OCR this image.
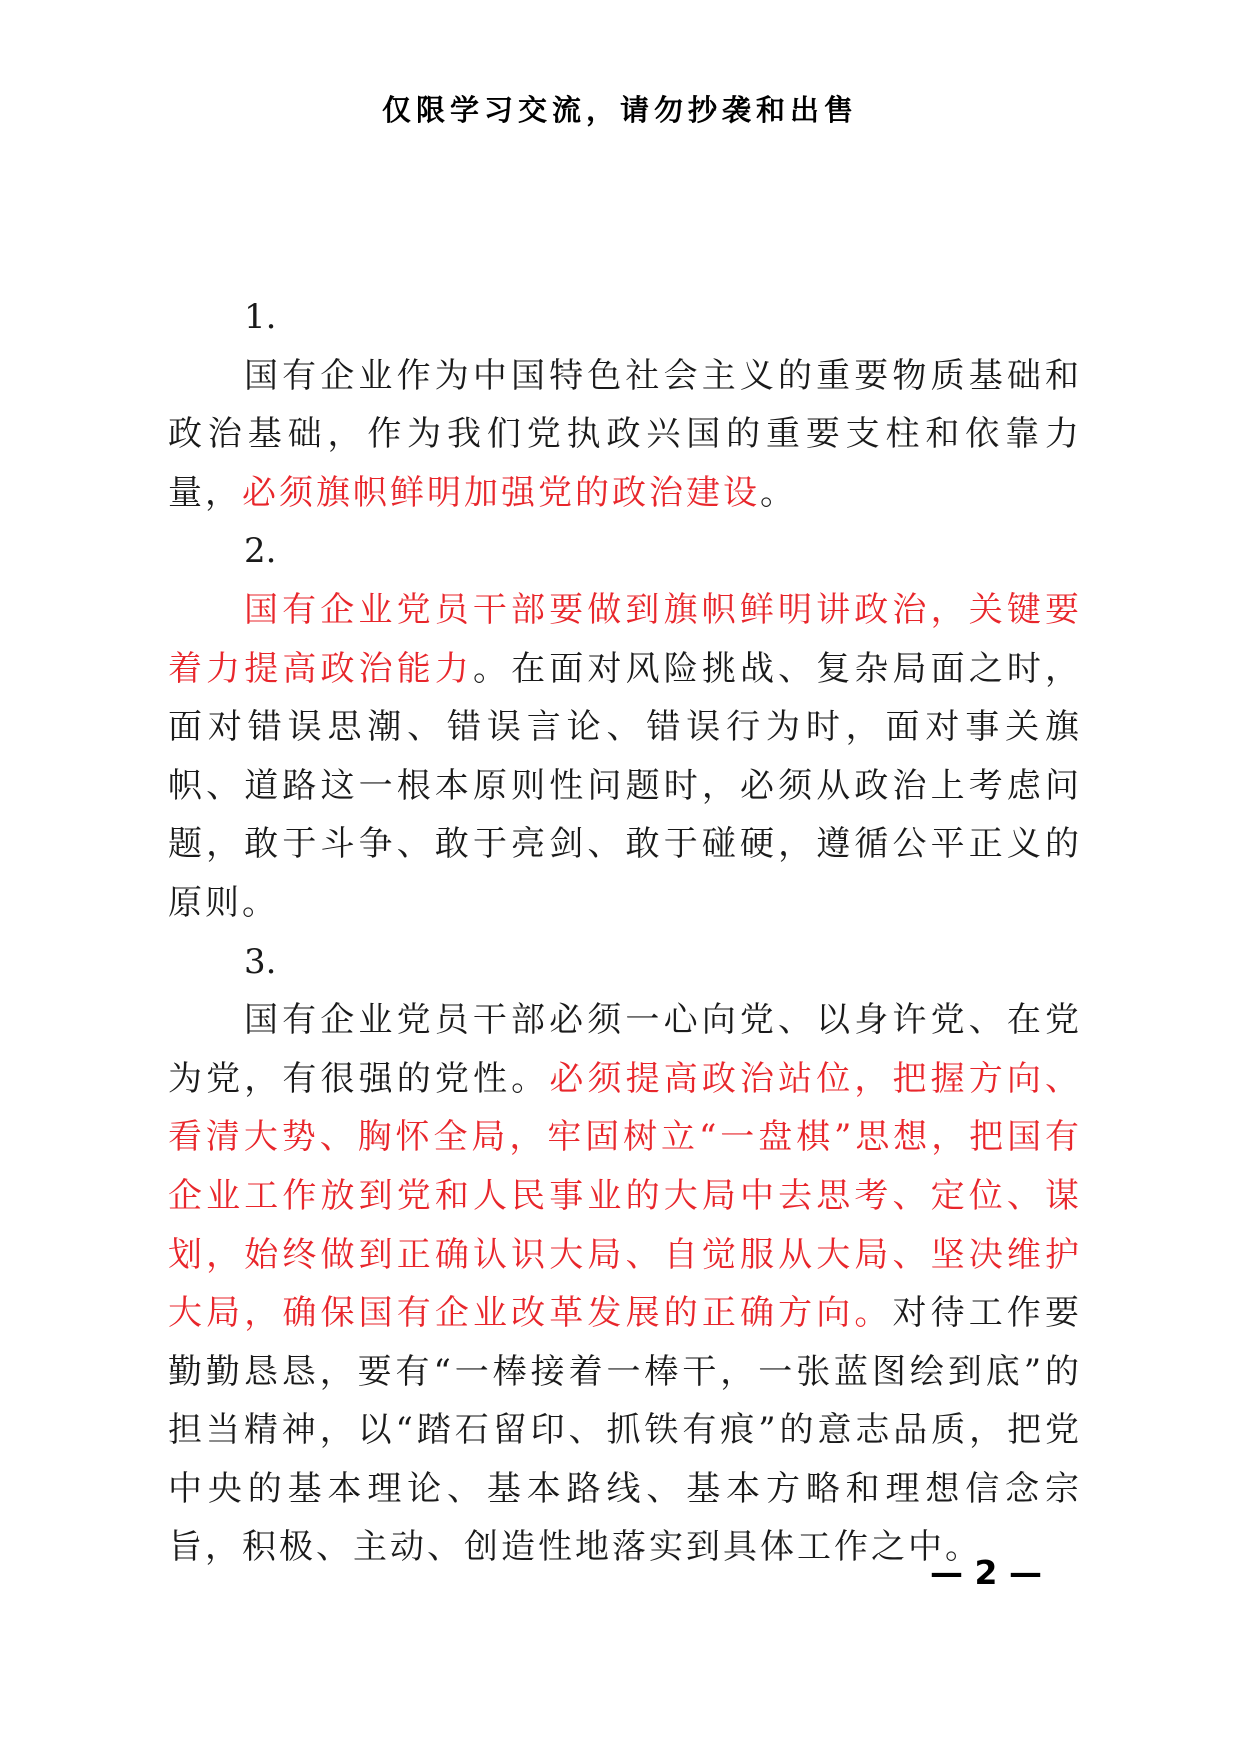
仅限学习交流，请勿抄袭和出售

1.

国有企业作为中国特色社会主义的重要物质基础和政治基础，作为我们党执政兴国的重要支柱和依靠力量，必须旗帜鲜明加强党的政治建设。

2.

国有企业党员干部要做到旗帜鲜明讲政治，关键要着力提高政治能力。在面对风险挑战、复杂局面之时，面对错误思潮、错误言论、错误行为时，面对事关旗帜、道路这一根本原则性问题时，必须从政治上考虑问题，敢于斗争、敢于亮剑、敢于碰硬，遵循公平正义的原则。

3.

国有企业党员干部必须一心向党、以身许党、在党为党，有很强的党性。必须提高政治站位，把握方向、看清大势、胸怀全局，牢固树立“一盘棋”思想，把国有企业工作放到党和人民事业的大局中去思考、定位、谋划，始终做到正确认识大局、自觉服从大局、坚决维护大局，确保国有企业改革发展的正确方向。对待工作要勤勤恳恳，要有“一棒接着一棒干，一张蓝图绘到底”的担当精神，以“踏石留印、抓铁有痕”的意志品质，把党中央的基本理论、基本路线、基本方略和理想信念宗旨，积极、主动、创造性地落实到具体工作之中。

— 2 —
